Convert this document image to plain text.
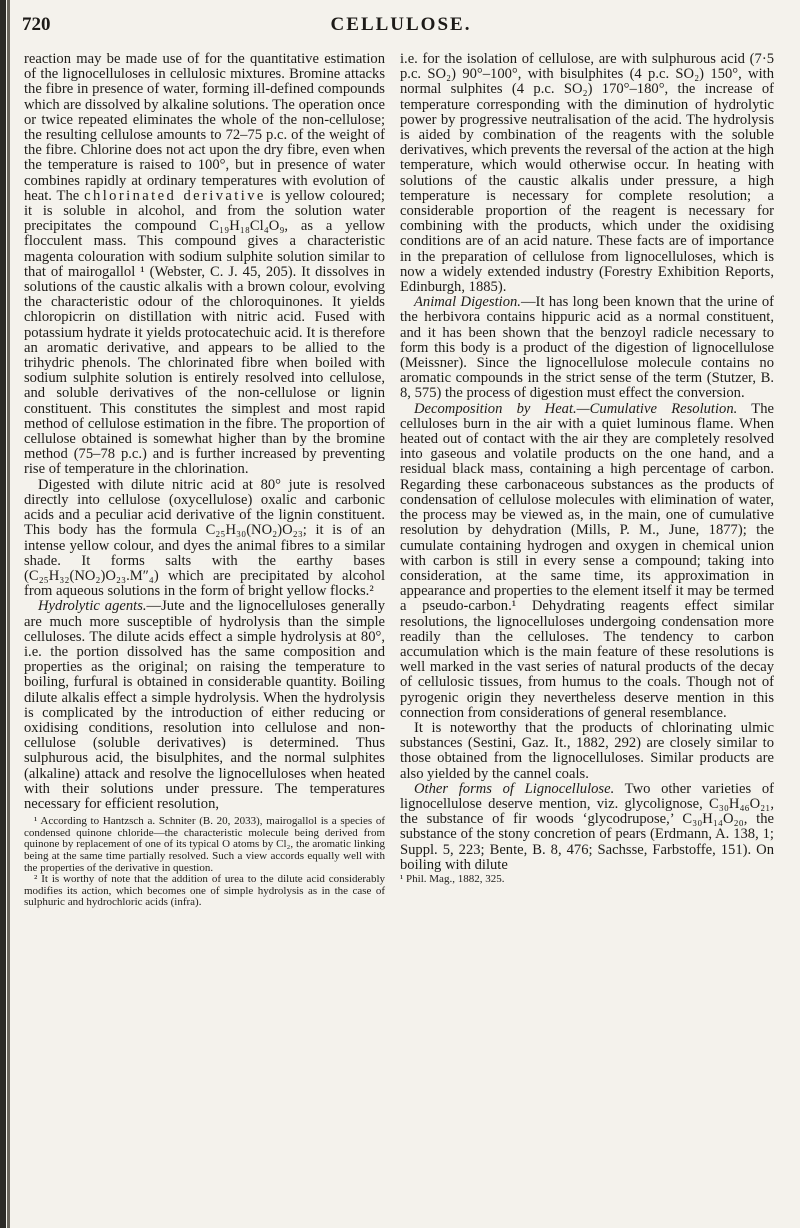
720	CELLULOSE.

reaction may be made use of for the quantitative estimation of the lignocelluloses in cellulosic mixtures. Bromine attacks the fibre in presence of water, forming ill-defined compounds which are dissolved by alkaline solutions. The operation once or twice repeated eliminates the whole of the non-cellulose; the resulting cellulose amounts to 72–75 p.c. of the weight of the fibre. Chlorine does not act upon the dry fibre, even when the temperature is raised to 100°, but in presence of water combines rapidly at ordinary temperatures with evolution of heat. The chlorinated derivative is yellow coloured; it is soluble in alcohol, and from the solution water precipitates the compound C₁₉H₁₈Cl₄O₉, as a yellow flocculent mass. This compound gives a characteristic magenta colouration with sodium sulphite solution similar to that of mairogallol ¹ (Webster, C. J. 45, 205). It dissolves in solutions of the caustic alkalis with a brown colour, evolving the characteristic odour of the chloroquinones. It yields chloropicrin on distillation with nitric acid. Fused with potassium hydrate it yields protocatechuic acid. It is therefore an aromatic derivative, and appears to be allied to the trihydric phenols. The chlorinated fibre when boiled with sodium sulphite solution is entirely resolved into cellulose, and soluble derivatives of the non-cellulose or lignin constituent. This constitutes the simplest and most rapid method of cellulose estimation in the fibre. The proportion of cellulose obtained is somewhat higher than by the bromine method (75–78 p.c.) and is further increased by preventing rise of temperature in the chlorination.

Digested with dilute nitric acid at 80° jute is resolved directly into cellulose (oxycellulose) oxalic and carbonic acids and a peculiar acid derivative of the lignin constituent. This body has the formula C₂₅H₃₀(NO₂)O₂₃; it is of an intense yellow colour, and dyes the animal fibres to a similar shade. It forms salts with the earthy bases (C₂₅H₃₂(NO₂)O₂₃.M″₄) which are precipitated by alcohol from aqueous solutions in the form of bright yellow flocks.²

Hydrolytic agents.—Jute and the lignocelluloses generally are much more susceptible of hydrolysis than the simple celluloses. The dilute acids effect a simple hydrolysis at 80°, i.e. the portion dissolved has the same composition and properties as the original; on raising the temperature to boiling, furfural is obtained in considerable quantity. Boiling dilute alkalis effect a simple hydrolysis. When the hydrolysis is complicated by the introduction of either reducing or oxidising conditions, resolution into cellulose and non-cellulose (soluble derivatives) is determined. Thus sulphurous acid, the bisulphites, and the normal sulphites (alkaline) attack and resolve the lignocelluloses when heated with their solutions under pressure. The temperatures necessary for efficient resolution,

¹ According to Hantzsch a. Schniter (B. 20, 2033), mairogallol is a species of condensed quinone chloride—the characteristic molecule being derived from quinone by replacement of one of its typical O atoms by Cl₂, the aromatic linking being at the same time partially resolved. Such a view accords equally well with the properties of the derivative in question.

² It is worthy of note that the addition of urea to the dilute acid considerably modifies its action, which becomes one of simple hydrolysis as in the case of sulphuric and hydrochloric acids (infra).

i.e. for the isolation of cellulose, are with sulphurous acid (7·5 p.c. SO₂) 90°–100°, with bisulphites (4 p.c. SO₂) 150°, with normal sulphites (4 p.c. SO₂) 170°–180°, the increase of temperature corresponding with the diminution of hydrolytic power by progressive neutralisation of the acid. The hydrolysis is aided by combination of the reagents with the soluble derivatives, which prevents the reversal of the action at the high temperature, which would otherwise occur. In heating with solutions of the caustic alkalis under pressure, a high temperature is necessary for complete resolution; a considerable proportion of the reagent is necessary for combining with the products, which under the oxidising conditions are of an acid nature. These facts are of importance in the preparation of cellulose from lignocelluloses, which is now a widely extended industry (Forestry Exhibition Reports, Edinburgh, 1885).

Animal Digestion.—It has long been known that the urine of the herbivora contains hippuric acid as a normal constituent, and it has been shown that the benzoyl radicle necessary to form this body is a product of the digestion of lignocellulose (Meissner). Since the lignocellulose molecule contains no aromatic compounds in the strict sense of the term (Stutzer, B. 8, 575) the process of digestion must effect the conversion.

Decomposition by Heat.—Cumulative Resolution. The celluloses burn in the air with a quiet luminous flame. When heated out of contact with the air they are completely resolved into gaseous and volatile products on the one hand, and a residual black mass, containing a high percentage of carbon. Regarding these carbonaceous substances as the products of condensation of cellulose molecules with elimination of water, the process may be viewed as, in the main, one of cumulative resolution by dehydration (Mills, P. M., June, 1877); the cumulate containing hydrogen and oxygen in chemical union with carbon is still in every sense a compound; taking into consideration, at the same time, its approximation in appearance and properties to the element itself it may be termed a pseudo-carbon.¹ Dehydrating reagents effect similar resolutions, the lignocelluloses undergoing condensation more readily than the celluloses. The tendency to carbon accumulation which is the main feature of these resolutions is well marked in the vast series of natural products of the decay of cellulosic tissues, from humus to the coals. Though not of pyrogenic origin they nevertheless deserve mention in this connection from considerations of general resemblance.

It is noteworthy that the products of chlorinating ulmic substances (Sestini, Gaz. It., 1882, 292) are closely similar to those obtained from the lignocelluloses. Similar products are also yielded by the cannel coals.

Other forms of Lignocellulose. Two other varieties of lignocellulose deserve mention, viz. glycolignose, C₃₀H₄₆O₂₁, the substance of fir woods ‘glycodrupose,’ C₃₀H₁₄O₂₀, the substance of the stony concretion of pears (Erdmann, A. 138, 1; Suppl. 5, 223; Bente, B. 8, 476; Sachsse, Farbstoffe, 151). On boiling with dilute

¹ Phil. Mag., 1882, 325.
